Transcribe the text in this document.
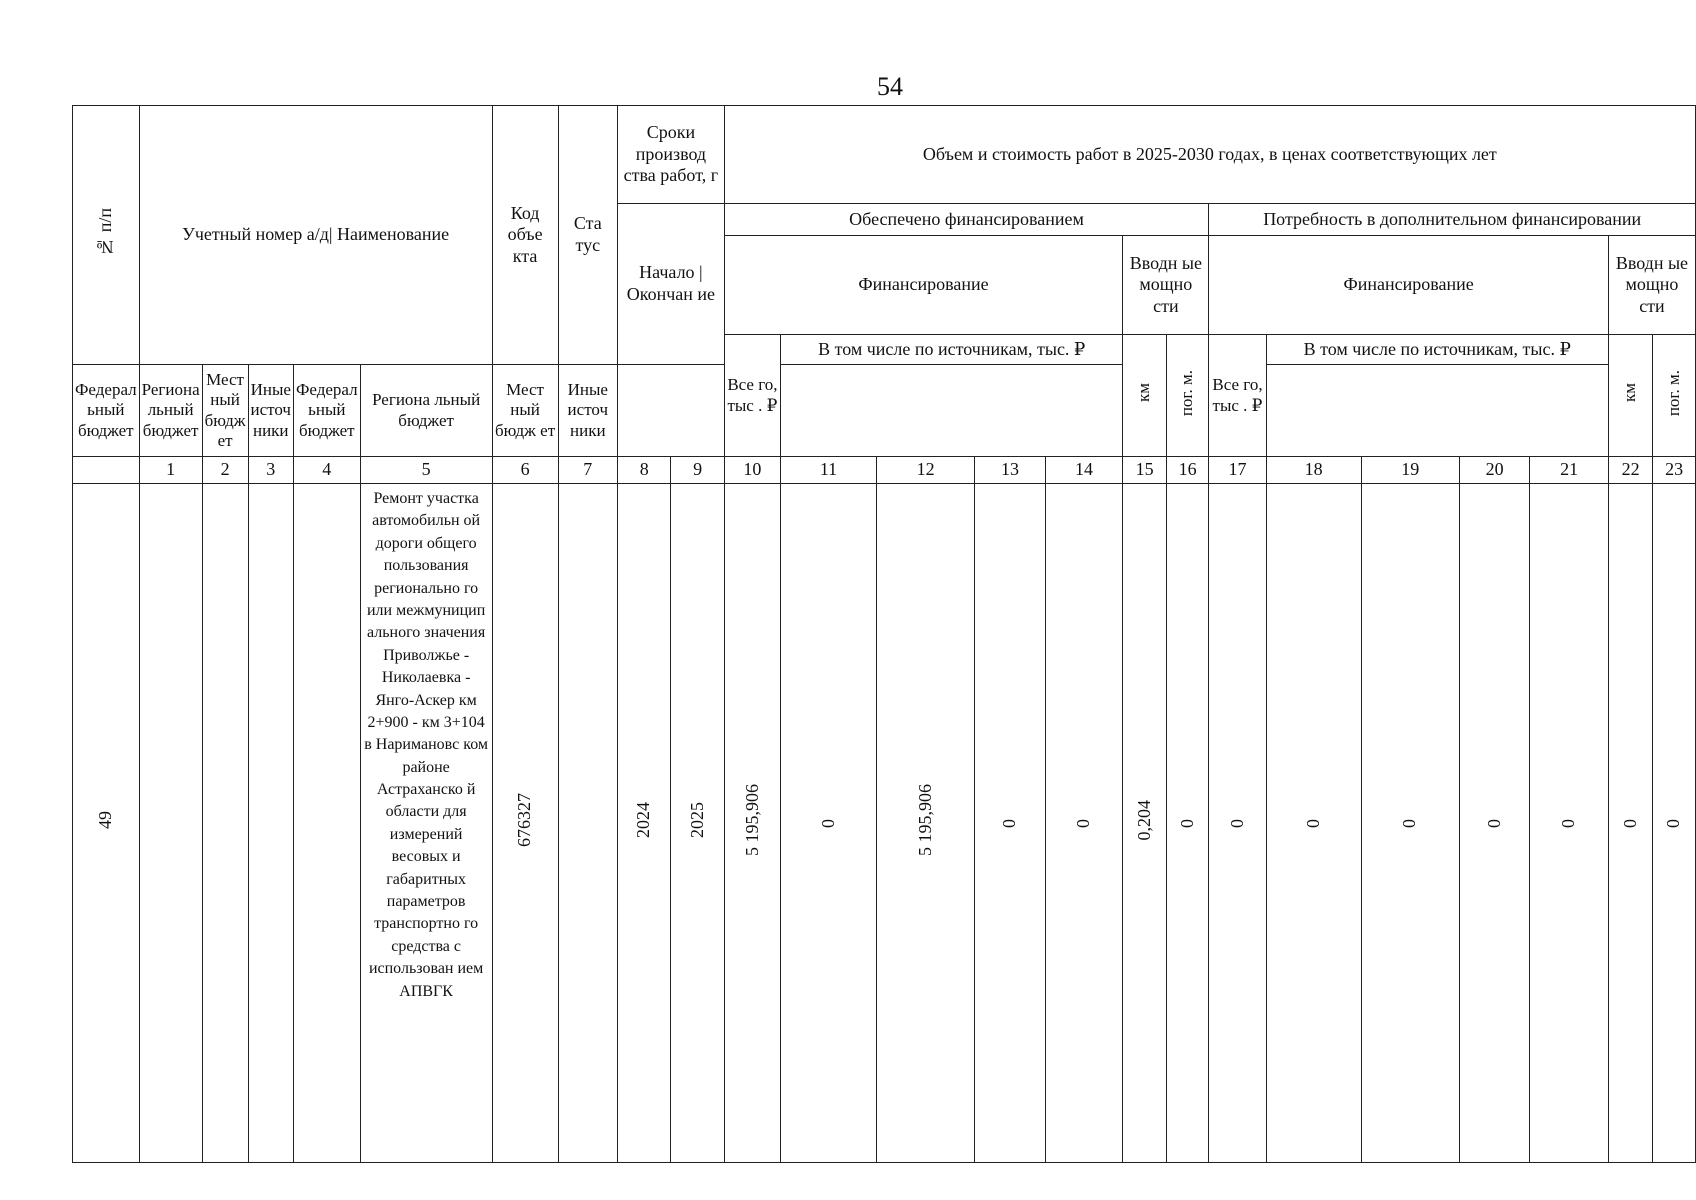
54
№ п/п	Учетный номер а/д| Наименование					Код объе кта	Ста тус	Сроки производ ства работ, г		Объем и стоимость работ в 2025-2030 годах, в ценах соответствующих лет													
								Начало | Окончан ие		Обеспечено финансированием							Потребность в дополнительном финансировании						
										Финансирование					Вводн ые мощно сти		Финансирование					Вводн ые мощно сти	
										Все го, тыс . ₽	В том числе по источникам, тыс. ₽				км	пог. м.	Все го, тыс . ₽	В том числе по источникам, тыс. ₽				км	пог. м.
Федерал ьный бюджет	Региона льный бюджет	Мест ный бюдж ет	Иные источ ники	Федерал ьный бюджет	Региона льный бюджет	Мест ный бюдж ет	Иные источ ники																
	1	2	3	4	5	6	7	8	9	10	11	12	13	14	15	16	17	18	19	20	21	22	23
49					Ремонт участка автомобильн ой дороги общего пользования регионально го или межмуницип ального значения Приволжье - Николаевка - Янго-Аскер км 2+900 - км 3+104 в Наримановс ком районе Астраханско й области для измерений весовых и габаритных параметров транспортно го средства с использован ием АПВГК	676327		2024	2025	5 195,906	0	5 195,906	0	0	0,204	0	0	0	0	0	0	0	0
